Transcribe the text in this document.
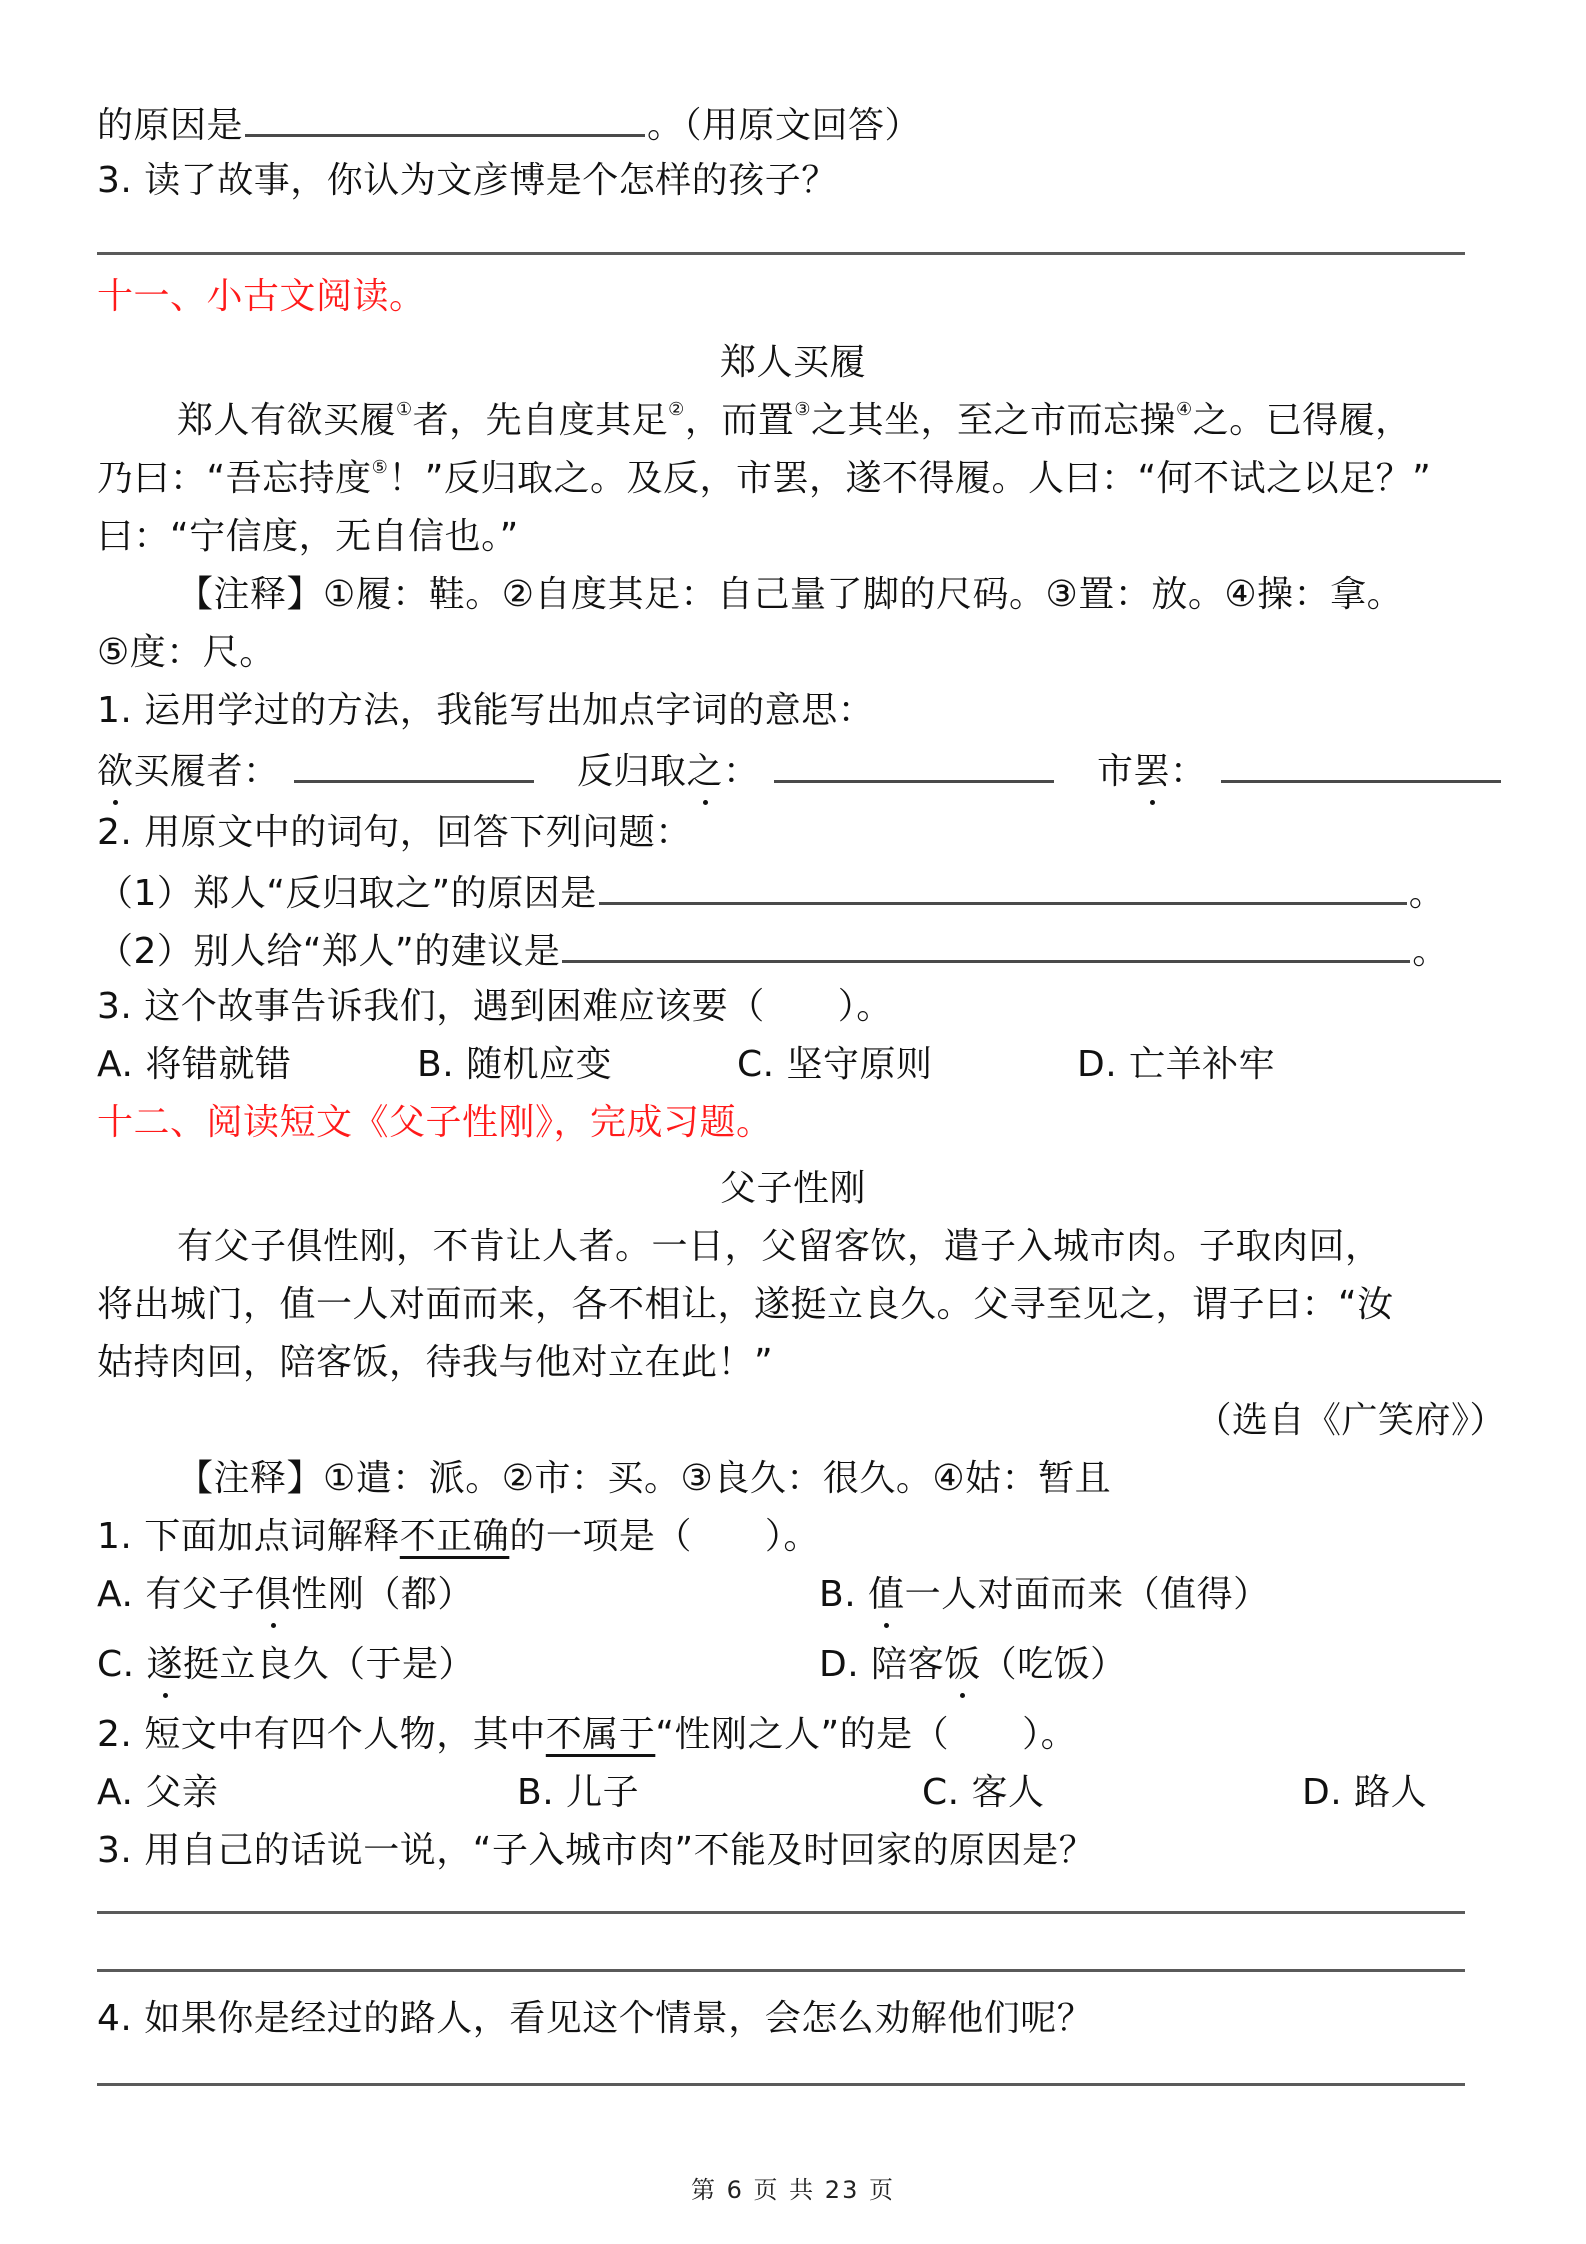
的原因是	。（用原文回答）
3. 读了故事，你认为文彦博是个怎样的孩子？
十一、小古文阅读。
郑人买履
郑人有欲买履①者，先自度其足②，而置③之其坐，至之市而忘操④之。已得履，
乃曰：“吾忘持度⑤！”反归取之。及反，市罢，遂不得履。人曰：“何不试之以足？”
曰：“宁信度，无自信也。”
【注释】①履：鞋。②自度其足：自己量了脚的尺码。③置：放。④操：拿。
⑤度：尺。
1. 运用学过的方法，我能写出加点字词的意思：
欲买履者：	反归取之：	市罢：
2. 用原文中的词句，回答下列问题：
（1）郑人“反归取之”的原因是	。
（2）别人给“郑人”的建议是	。
3. 这个故事告诉我们，遇到困难应该要（　　）。
A. 将错就错	B. 随机应变	C. 坚守原则	D. 亡羊补牢
十二、阅读短文《父子性刚》，完成习题。
父子性刚
有父子俱性刚，不肯让人者。一日，父留客饮，遣子入城市肉。子取肉回，
将出城门，值一人对面而来，各不相让，遂挺立良久。父寻至见之，谓子曰：“汝
姑持肉回，陪客饭，待我与他对立在此！”
（选自《广笑府》）
【注释】①遣：派。②市：买。③良久：很久。④姑：暂且
1. 下面加点词解释不正确的一项是（　　）。
A. 有父子俱性刚（都）	B. 值一人对面而来（值得）
C. 遂挺立良久（于是）	D. 陪客饭（吃饭）
2. 短文中有四个人物，其中不属于“性刚之人”的是（　　）。
A. 父亲	B. 儿子	C. 客人	D. 路人
3. 用自己的话说一说，“子入城市肉”不能及时回家的原因是？
4. 如果你是经过的路人，看见这个情景，会怎么劝解他们呢？
第 6 页 共 23 页
